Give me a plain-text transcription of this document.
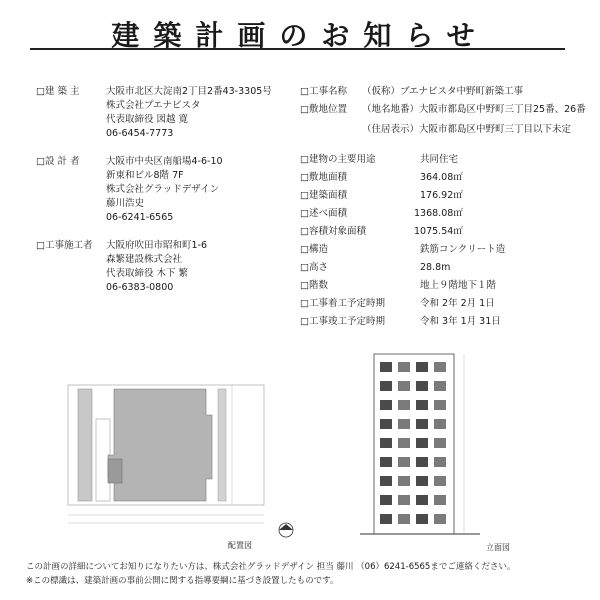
建築計画のお知らせ
□建 築 主	大阪市北区大淀南2丁目2番43-3305号
株式会社プエナビスタ
代表取締役 図越 寛
06-6454-7773
□設 計 者	大阪市中央区南船場4-6-10
新東和ビル8階 7F
株式会社グラッドデザイン
藤川浩史
06-6241-6565
□工事施工者 大阪府吹田市昭和町1-6
森繁建設株式会社
代表取締役 木下 繁
06-6383-0800
□工事名称 （仮称）ブエナビスタ中野町新築工事
□敷地位置 （地名地番）大阪市都島区中野町三丁目25番、26番
（住居表示）大阪市都島区中野町三丁目以下未定
□建物の主要用途	共同住宅
□敷地面積	364.08㎡
□建築面積	176.92㎡
□述べ面積	1368.08㎡
□容積対象面積	1075.54㎡
□構造	鉄筋コンクリート造
□高さ	28.8m
□階数	地上９階地下１階
□工事着工予定時期	令和 2年 2月 1日
□工事竣工予定時期	令和 3年 1月 31日
配置図	立面図
この計画の詳細についてお知りになりたい方は、株式会社グラッドデザイン 担当 藤川 （06）6241-6565までご連絡ください。
※この標識は、建築計画の事前公開に関する指導要綱に基づき設置したものです。
